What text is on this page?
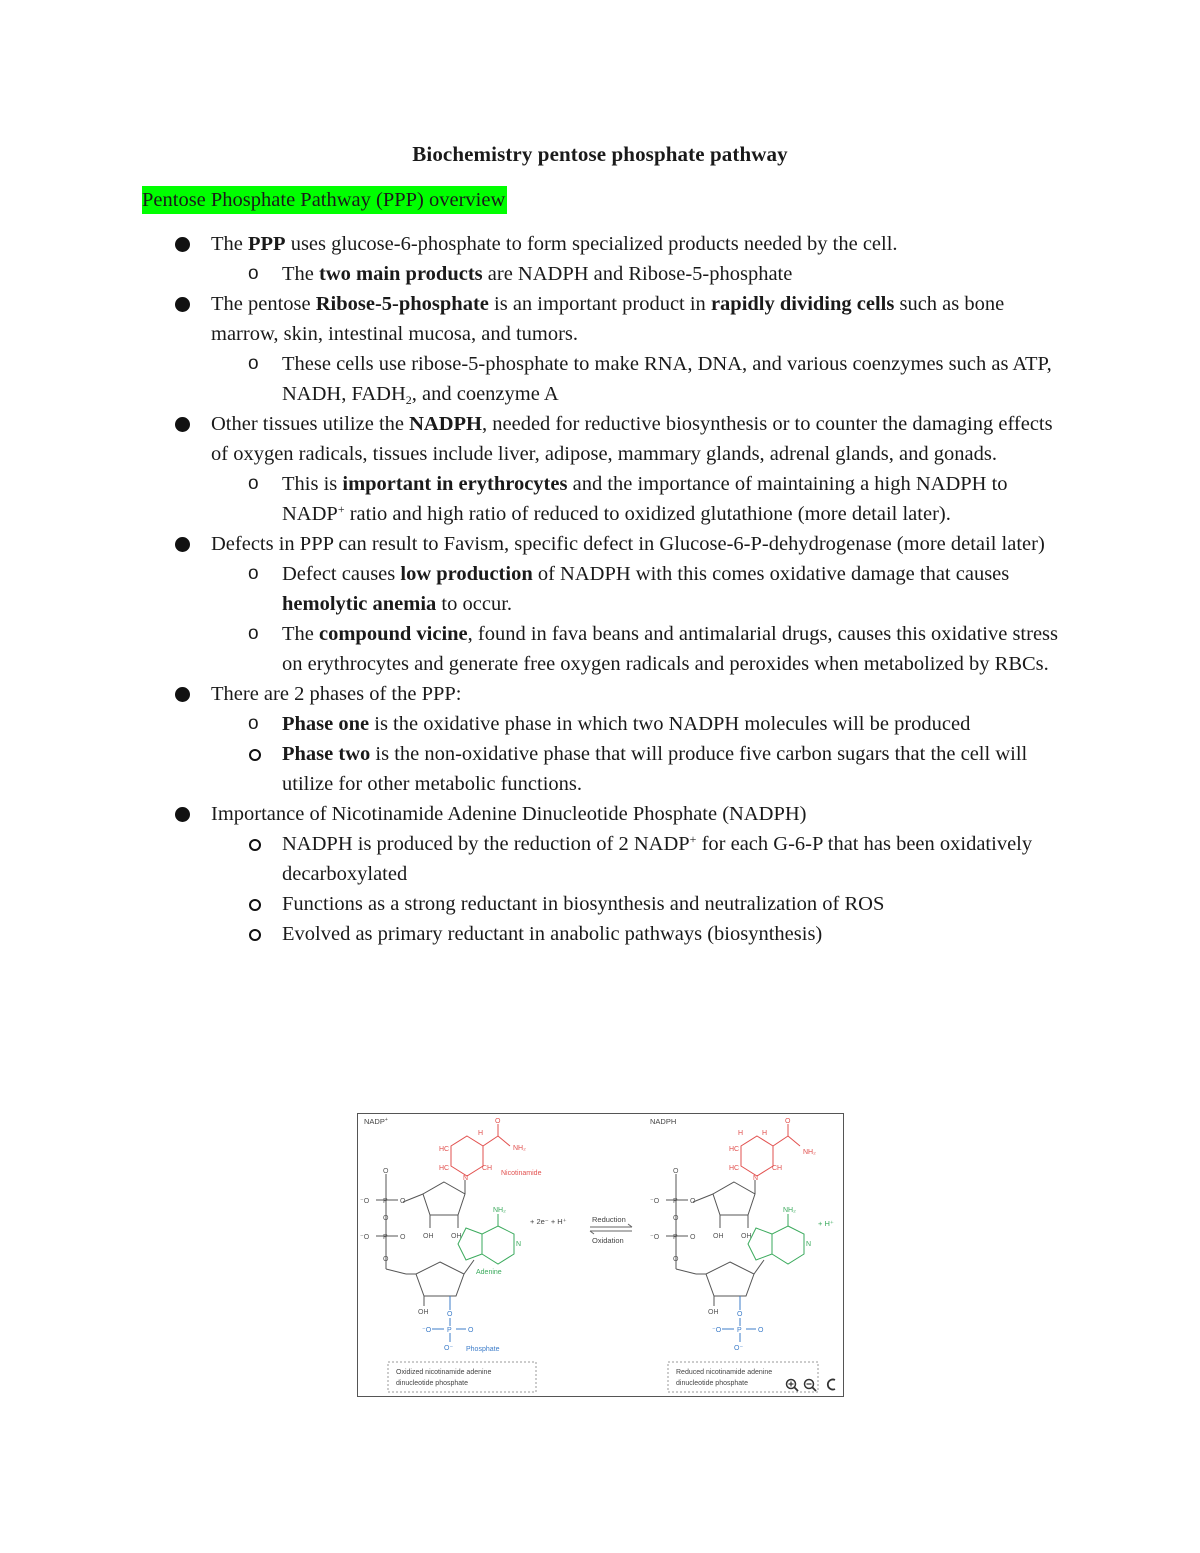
Biochemistry pentose phosphate pathway
Pentose Phosphate Pathway (PPP) overview

The PPP uses glucose-6-phosphate to form specialized products needed by the cell.

o The two main products are NADPH and Ribose-5-phosphate

The pentose Ribose-5-phosphate is an important product in rapidly dividing cells such as bone marrow, skin, intestinal mucosa, and tumors.

o These cells use ribose-5-phosphate to make RNA, DNA, and various coenzymes such as ATP, NADH, $FADH_2$, and coenzyme A

Other tissues utilize the NADPH, needed for reductive biosynthesis or to counter the damaging effects of oxygen radicals, tissues include liver, adipose, mammary glands, adrenal glands, and gonads.

o This is important in erythrocytes and the importance of maintaining a high NADPH to NADP+ ratio and high ratio of reduced to oxidized glutathione (more detail later).

Defects in PPP can result to Favism, specific defect in Glucose-6-P-dehydrogenase (more detail later)

o Defect causes low production of NADPH with this comes oxidative damage that causes hemolytic anemia to occur.

o The compound vicine, found in fava beans and antimalarial drugs, causes this oxidative stress on erythrocytes and generate free oxygen radicals and peroxides when metabolized by RBCs.

There are 2 phases of the PPP:

o Phase one is the oxidative phase in which two NADPH molecules will be produced

Phase two is the non-oxidative phase that will produce five carbon sugars that the cell will utilize for other metabolic functions.

Importance of Nicotinamide Adenine Dinucleotide Phosphate (NADPH)

NADPH is produced by the reduction of 2 NADP+ for each G-6-P that has been oxidatively decarboxylated

Functions as a strong reductant in biosynthesis and neutralization of ROS

Evolved as primary reductant in anabolic pathways (biosynthesis)

NADP+	NADPH
O
NH₂
H
HC
HC	CH
N
Nicotinamide
O
⁻O P O
O
⁻O P O
O
OH	OH
NH₂
N
Adenine
OH	O
⁻O P O
O⁻ Phosphate
+ 2e⁻ + H⁺	Reduction
Oxidation
O
NH₂
H	H
HC
HC	CH
N
O
⁻O P O
O
⁻O P O
O
OH	OH
NH₂
N
+ H⁺
OH	O
⁻O P O
O⁻
Oxidized nicotinamide adenine
dinucleotide phosphate
Reduced nicotinamide adenine
dinucleotide phosphate
